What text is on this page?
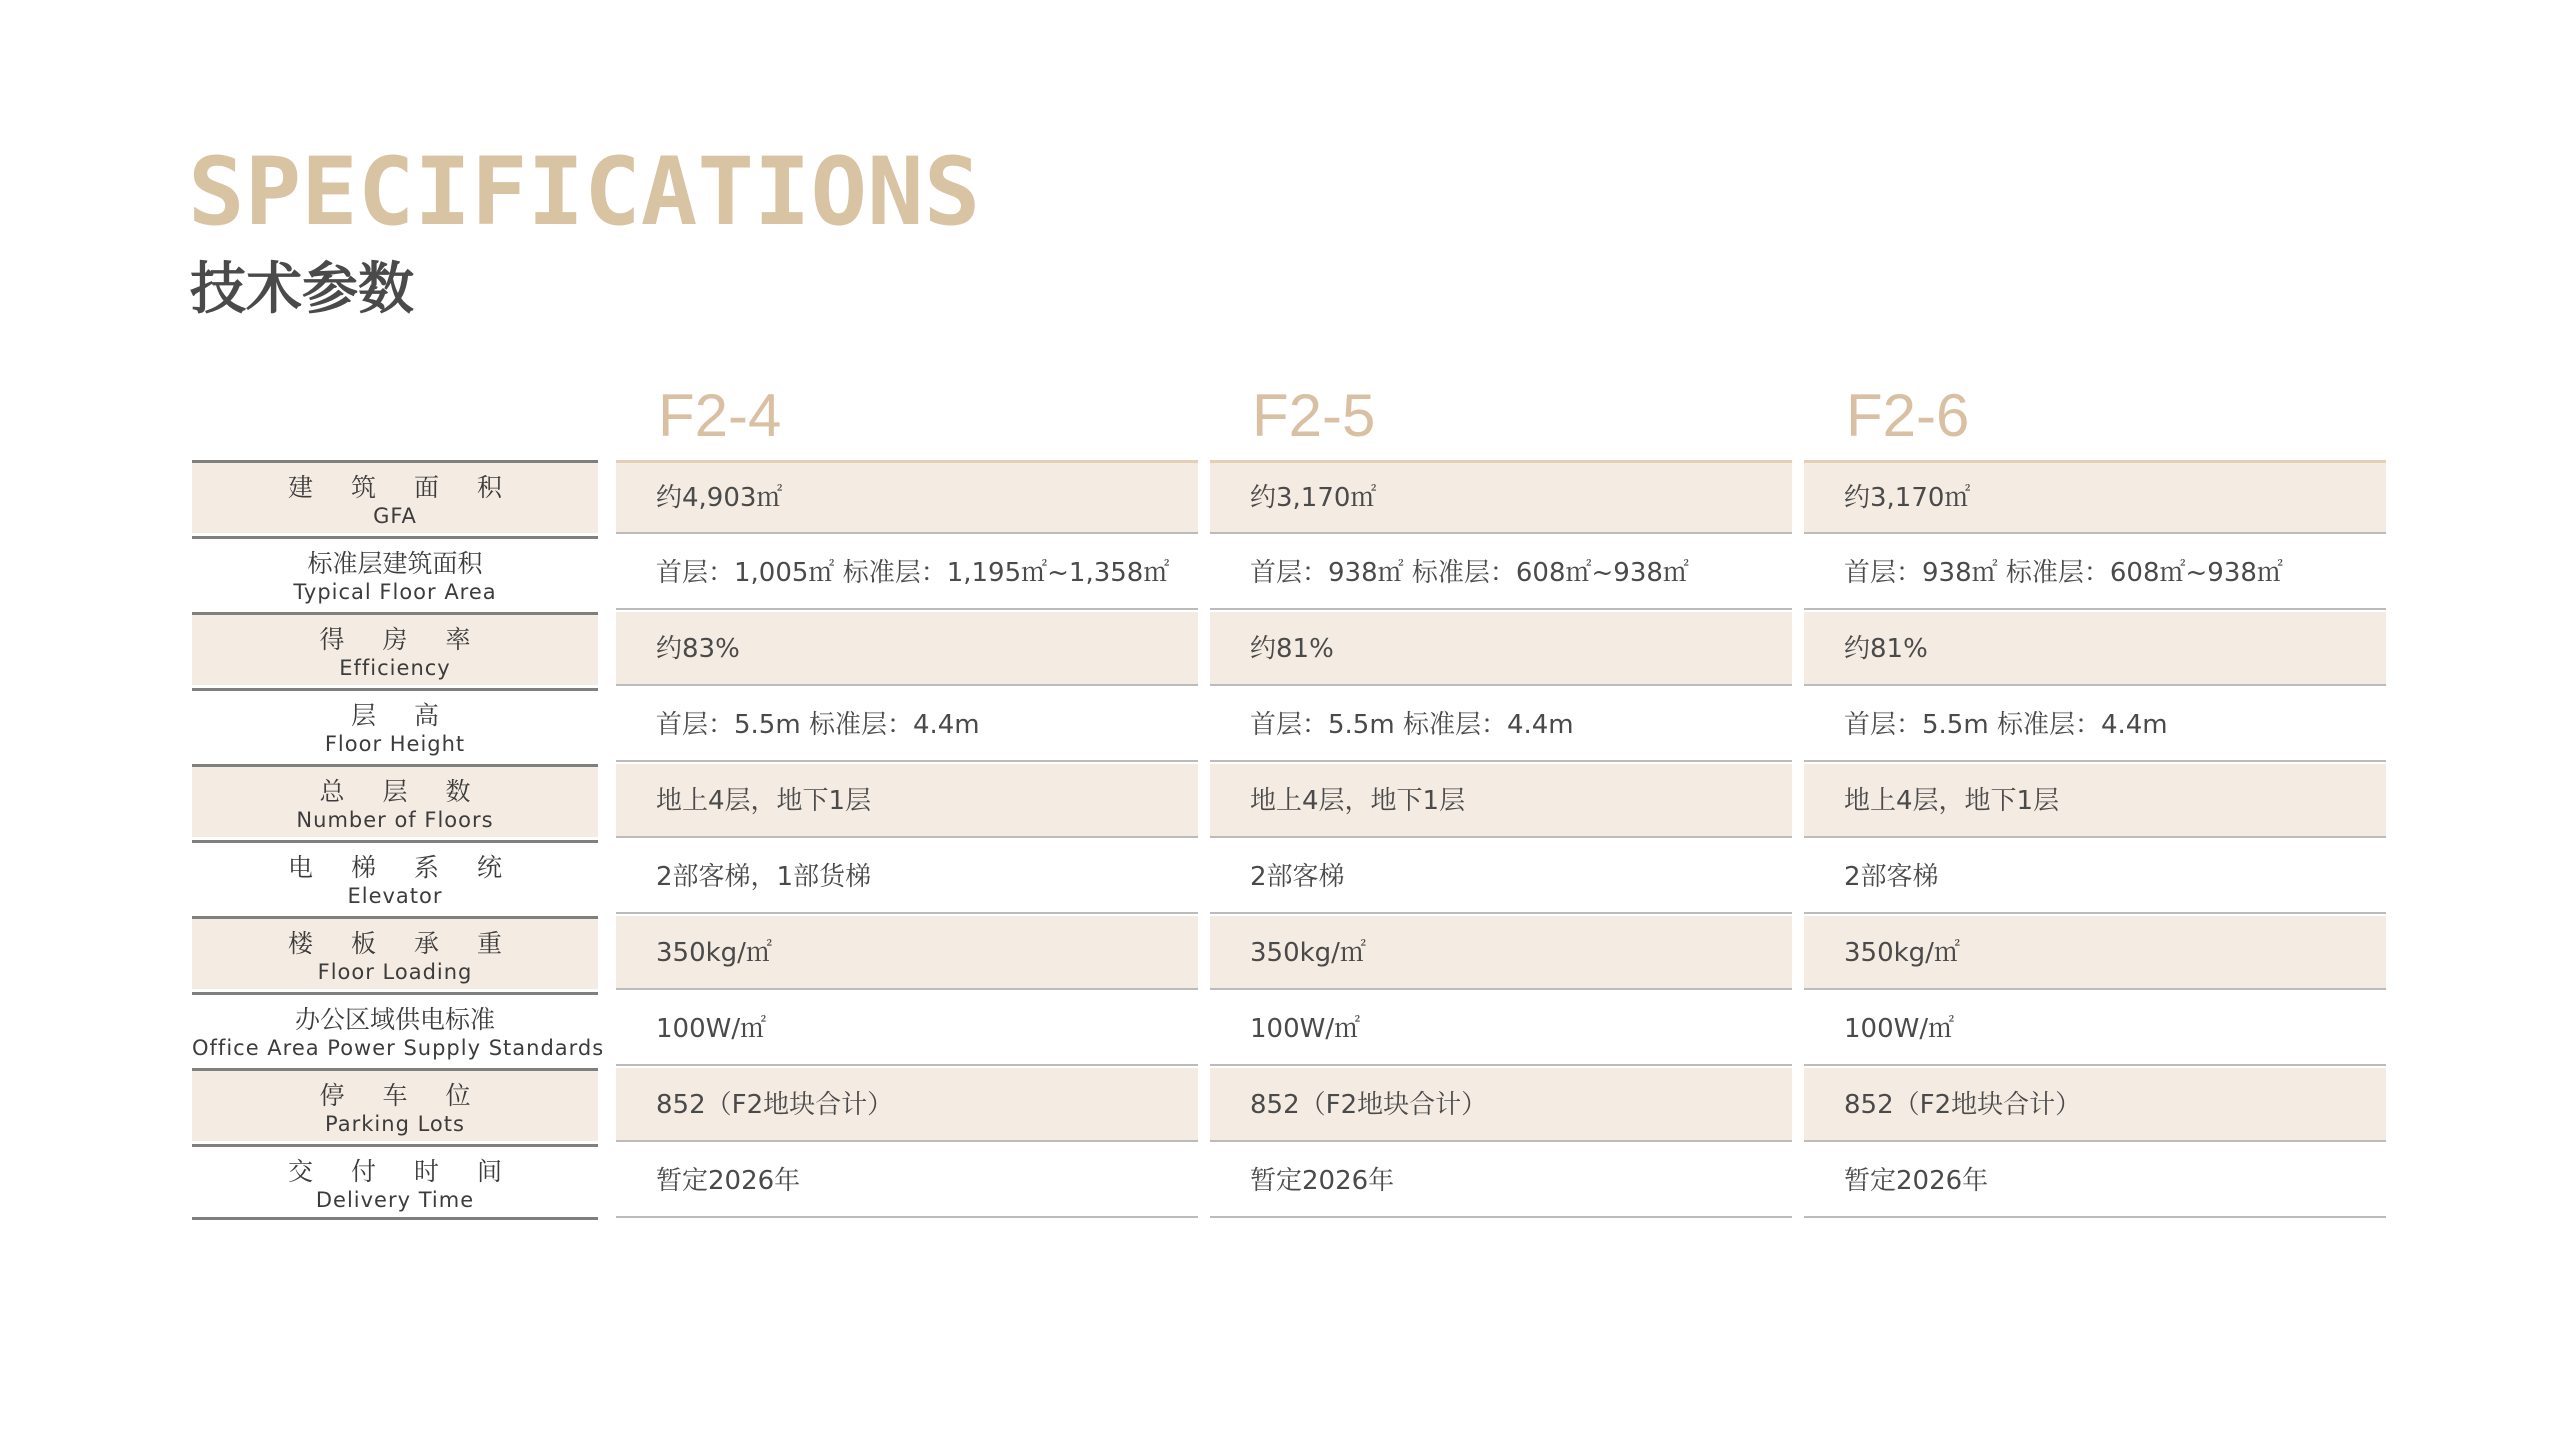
SPECIFICATIONS
技术参数
F2-4	F2-5	F2-6
建筑面积
GFA
约4,903㎡	约3,170㎡	约3,170㎡
标准层建筑面积
Typical Floor Area
首层：1,005㎡ 标准层：1,195㎡~1,358㎡	首层：938㎡ 标准层：608㎡~938㎡	首层：938㎡ 标准层：608㎡~938㎡
得房率
Efficiency
约83%	约81%	约81%
层高
Floor Height
首层：5.5m 标准层：4.4m	首层：5.5m 标准层：4.4m	首层：5.5m 标准层：4.4m
总层数
Number of Floors
地上4层，地下1层	地上4层，地下1层	地上4层，地下1层
电梯系统
Elevator
2部客梯，1部货梯	2部客梯	2部客梯
楼板承重
Floor Loading
350kg/㎡	350kg/㎡	350kg/㎡
办公区域供电标准
Office Area Power Supply Standards
100W/㎡	100W/㎡	100W/㎡
停车位
Parking Lots
852（F2地块合计）	852（F2地块合计）	852（F2地块合计）
交付时间
Delivery Time
暂定2026年	暂定2026年	暂定2026年
